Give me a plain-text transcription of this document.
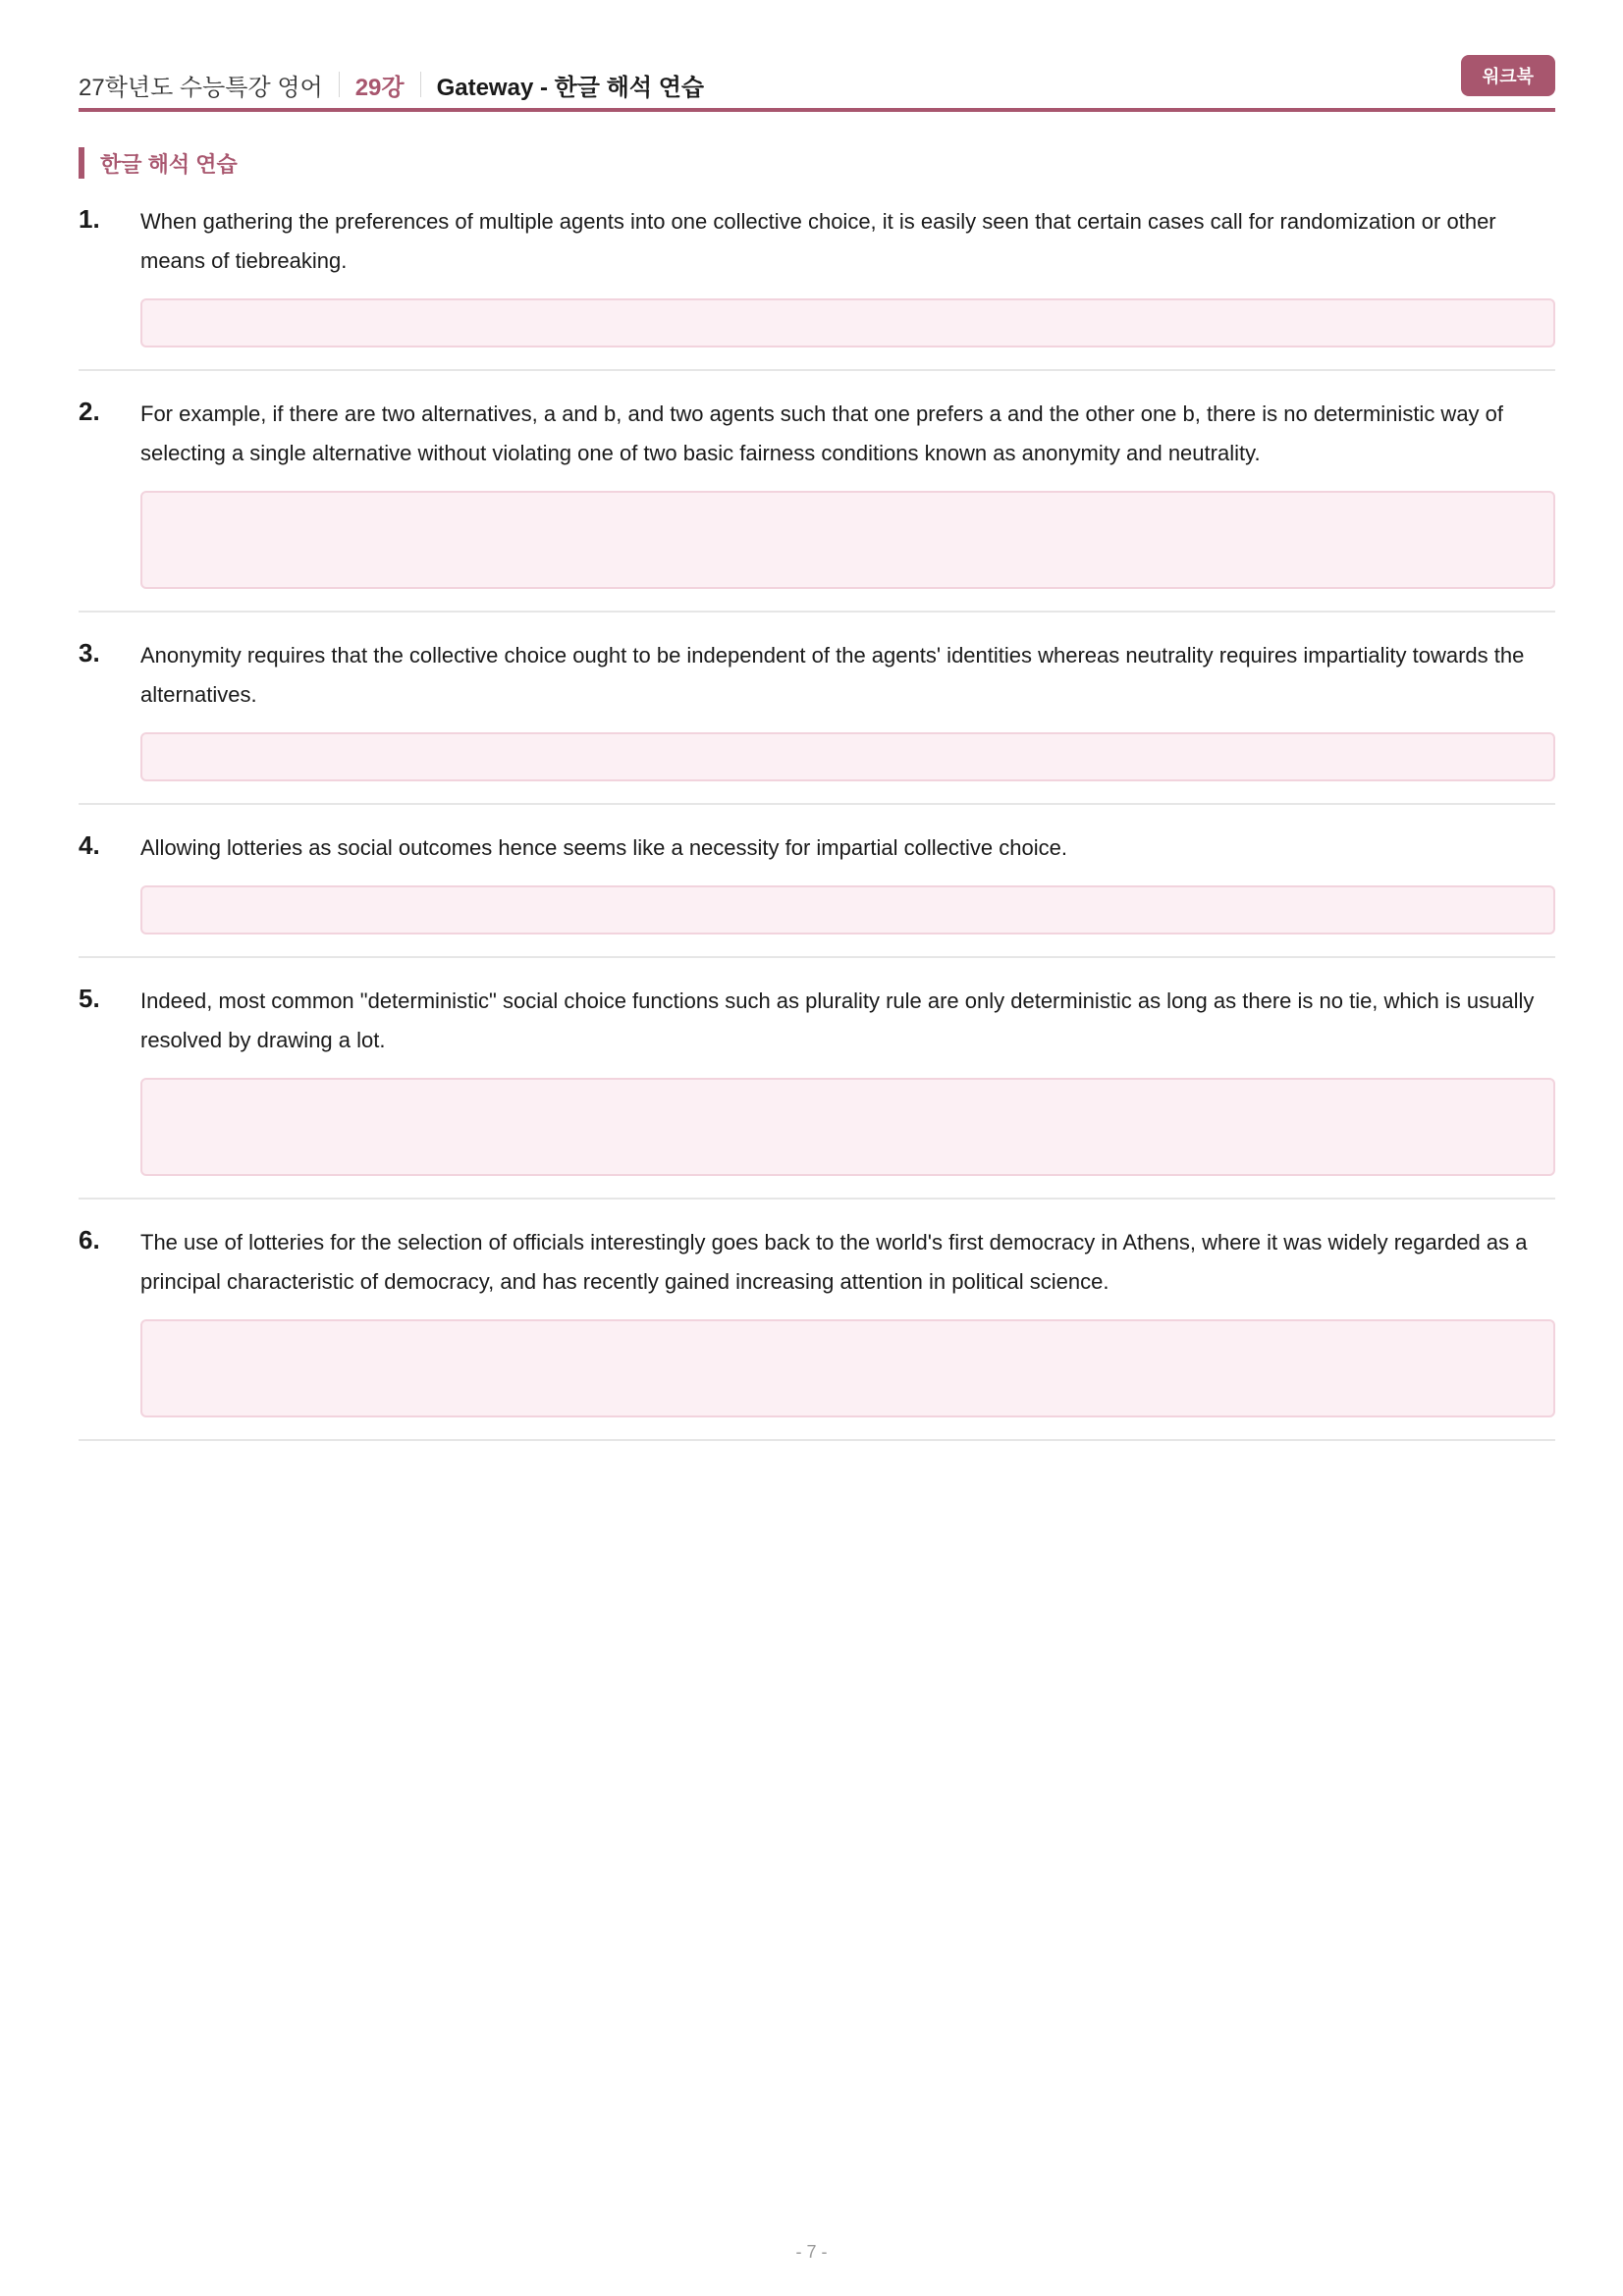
27학년도 수능특강 영어 29강 Gateway - 한글 해석 연습	워크북
한글 해석 연습
1.	When gathering the preferences of multiple agents into one collective choice, it is easily seen that certain cases call for randomization or other means of tiebreaking.
2.	For example, if there are two alternatives, a and b, and two agents such that one prefers a and the other one b, there is no deterministic way of selecting a single alternative without violating one of two basic fairness conditions known as anonymity and neutrality.
3.	Anonymity requires that the collective choice ought to be independent of the agents' identities whereas neutrality requires impartiality towards the alternatives.
4.	Allowing lotteries as social outcomes hence seems like a necessity for impartial collective choice.
5.	Indeed, most common "deterministic" social choice functions such as plurality rule are only deterministic as long as there is no tie, which is usually resolved by drawing a lot.
6.	The use of lotteries for the selection of officials interestingly goes back to the world's first democracy in Athens, where it was widely regarded as a principal characteristic of democracy, and has recently gained increasing attention in political science.
- 7 -
